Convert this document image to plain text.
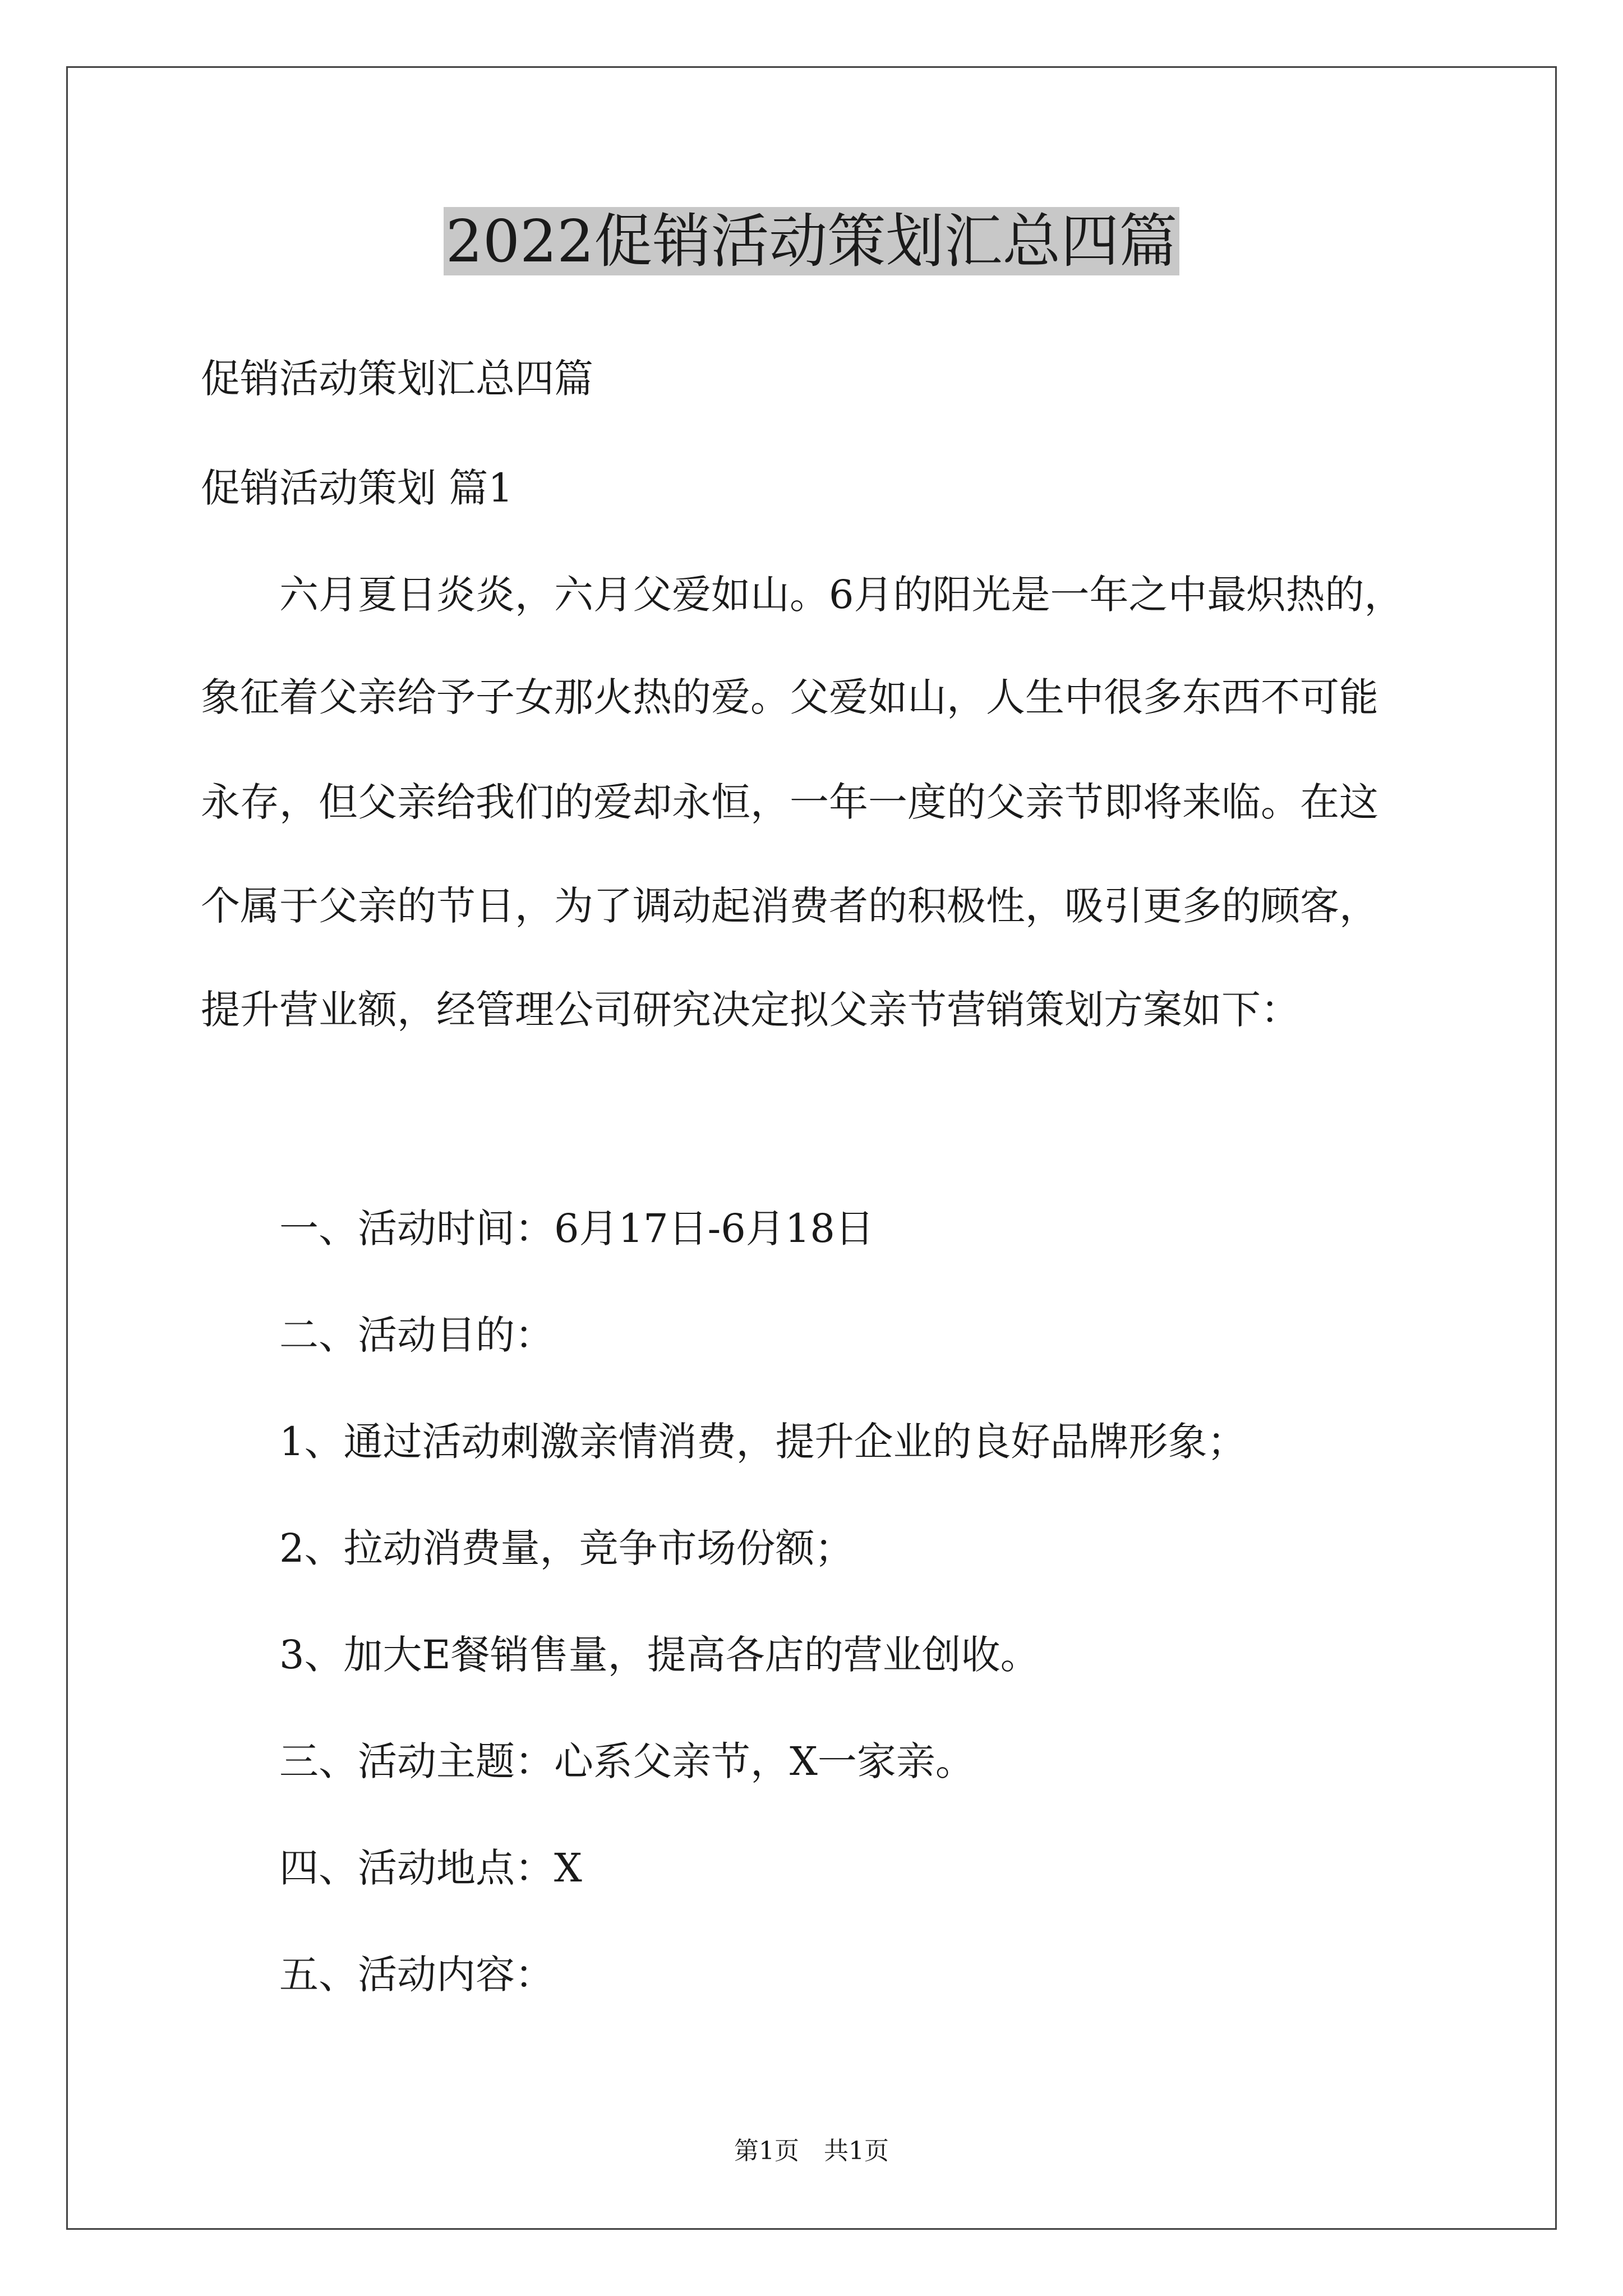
2022促销活动策划汇总四篇
促销活动策划汇总四篇
促销活动策划 篇1
六月夏日炎炎，六月父爱如山。6月的阳光是一年之中最炽热的，
象征着父亲给予子女那火热的爱。父爱如山，人生中很多东西不可能
永存，但父亲给我们的爱却永恒，一年一度的父亲节即将来临。在这
个属于父亲的节日，为了调动起消费者的积极性，吸引更多的顾客，
提升营业额，经管理公司研究决定拟父亲节营销策划方案如下：
一、活动时间：6月17日-6月18日
二、活动目的：
1、通过活动刺激亲情消费，提升企业的良好品牌形象；
2、拉动消费量，竞争市场份额；
3、加大E餐销售量，提高各店的营业创收。
三、活动主题：心系父亲节，X一家亲。
四、活动地点：X
五、活动内容：
第1页　共1页
